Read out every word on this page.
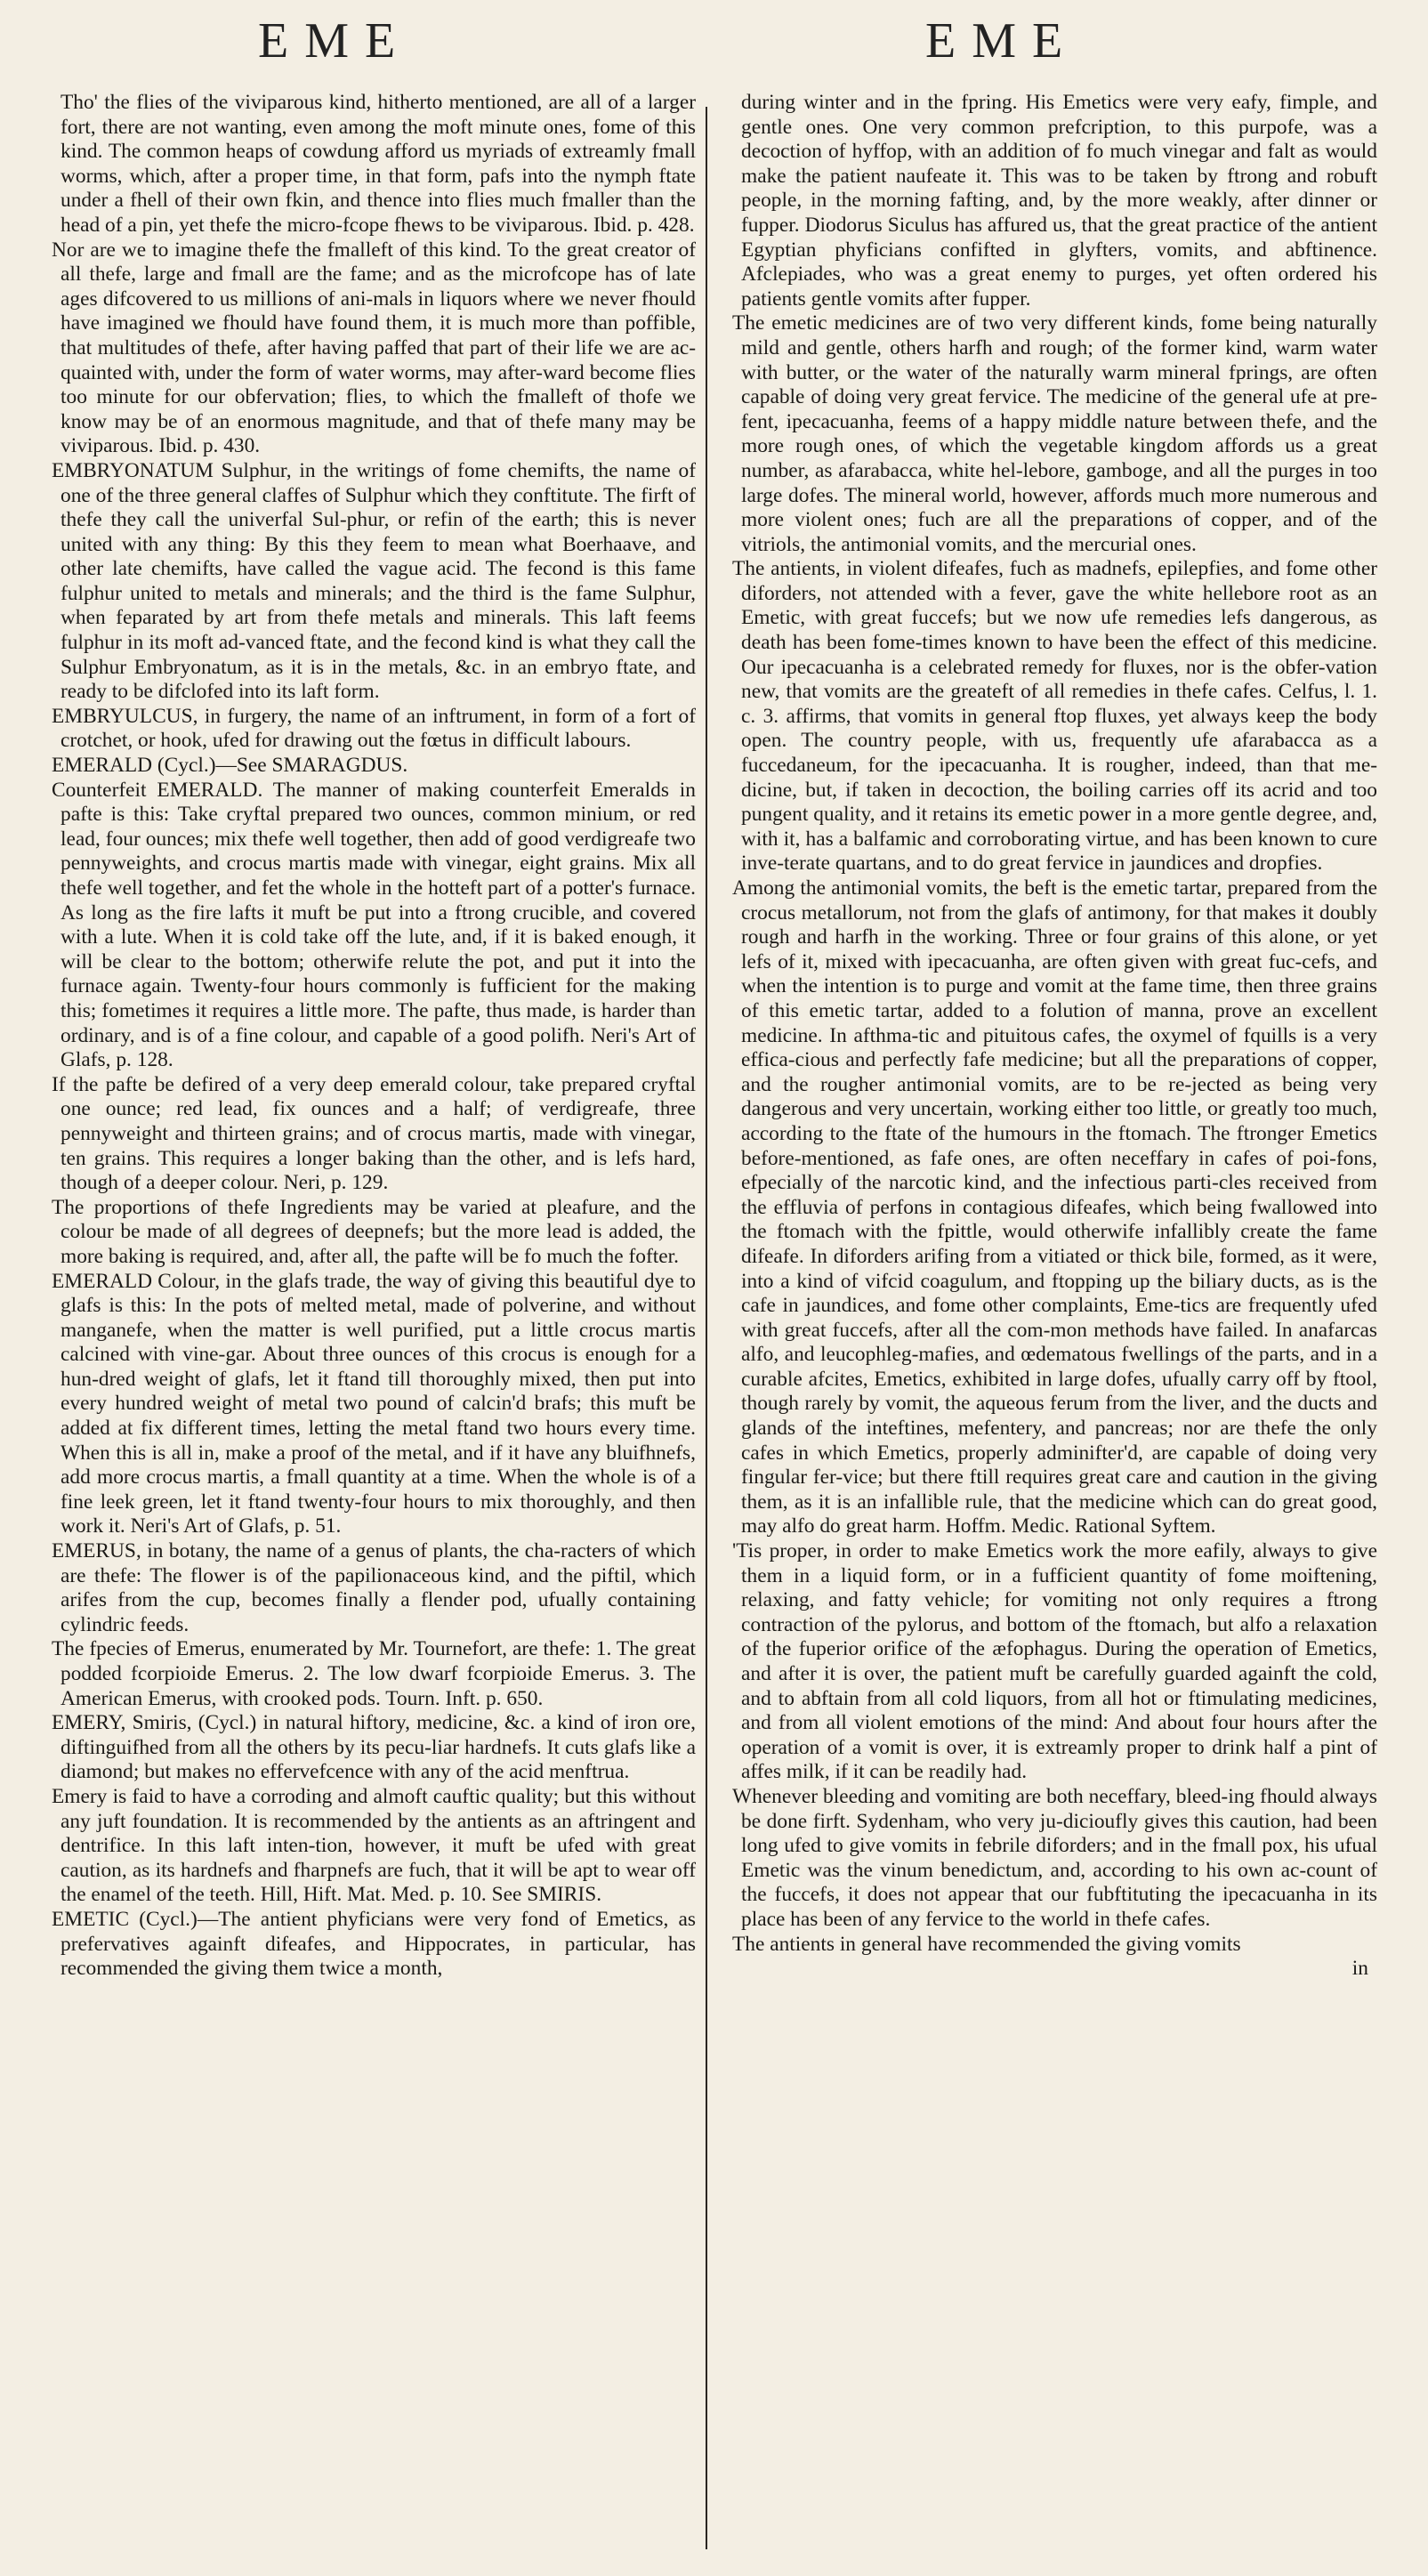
EME	EME

Tho' the flies of the viviparous kind, hitherto mentioned, are all of a larger fort, there are not wanting, even among the moft minute ones, fome of this kind. The common heaps of cowdung afford us myriads of extreamly fmall worms, which, after a proper time, in that form, pafs into the nymph ftate under a fhell of their own fkin, and thence into flies much fmaller than the head of a pin, yet thefe the micro-fcope fhews to be viviparous. Ibid. p. 428.

Nor are we to imagine thefe the fmalleft of this kind. To the great creator of all thefe, large and fmall are the fame; and as the microfcope has of late ages difcovered to us millions of ani-mals in liquors where we never fhould have imagined we fhould have found them, it is much more than poffible, that multitudes of thefe, after having paffed that part of their life we are ac-quainted with, under the form of water worms, may after-ward become flies too minute for our obfervation; flies, to which the fmalleft of thofe we know may be of an enormous magnitude, and that of thefe many may be viviparous. Ibid. p. 430.

EMBRYONATUM Sulphur, in the writings of fome chemifts, the name of one of the three general claffes of Sulphur which they conftitute. The firft of thefe they call the univerfal Sul-phur, or refin of the earth; this is never united with any thing: By this they feem to mean what Boerhaave, and other late chemifts, have called the vague acid. The fecond is this fame fulphur united to metals and minerals; and the third is the fame Sulphur, when feparated by art from thefe metals and minerals. This laft feems fulphur in its moft ad-vanced ftate, and the fecond kind is what they call the Sulphur Embryonatum, as it is in the metals, &c. in an embryo ftate, and ready to be difclofed into its laft form.

EMBRYULCUS, in furgery, the name of an inftrument, in form of a fort of crotchet, or hook, ufed for drawing out the fœtus in difficult labours.

EMERALD (Cycl.)—See SMARAGDUS.

Counterfeit EMERALD. The manner of making counterfeit Emeralds in pafte is this: Take cryftal prepared two ounces, common minium, or red lead, four ounces; mix thefe well together, then add of good verdigreafe two pennyweights, and crocus martis made with vinegar, eight grains. Mix all thefe well together, and fet the whole in the hotteft part of a potter's furnace. As long as the fire lafts it muft be put into a ftrong crucible, and covered with a lute. When it is cold take off the lute, and, if it is baked enough, it will be clear to the bottom; otherwife relute the pot, and put it into the furnace again. Twenty-four hours commonly is fufficient for the making this; fometimes it requires a little more. The pafte, thus made, is harder than ordinary, and is of a fine colour, and capable of a good polifh. Neri's Art of Glafs, p. 128.

If the pafte be defired of a very deep emerald colour, take prepared cryftal one ounce; red lead, fix ounces and a half; of verdigreafe, three pennyweight and thirteen grains; and of crocus martis, made with vinegar, ten grains. This requires a longer baking than the other, and is lefs hard, though of a deeper colour. Neri, p. 129.

The proportions of thefe Ingredients may be varied at pleafure, and the colour be made of all degrees of deepnefs; but the more lead is added, the more baking is required, and, after all, the pafte will be fo much the fofter.

EMERALD Colour, in the glafs trade, the way of giving this beautiful dye to glafs is this: In the pots of melted metal, made of polverine, and without manganefe, when the matter is well purified, put a little crocus martis calcined with vine-gar. About three ounces of this crocus is enough for a hun-dred weight of glafs, let it ftand till thoroughly mixed, then put into every hundred weight of metal two pound of calcin'd brafs; this muft be added at fix different times, letting the metal ftand two hours every time. When this is all in, make a proof of the metal, and if it have any bluifhnefs, add more crocus martis, a fmall quantity at a time. When the whole is of a fine leek green, let it ftand twenty-four hours to mix thoroughly, and then work it. Neri's Art of Glafs, p. 51.

EMERUS, in botany, the name of a genus of plants, the cha-racters of which are thefe: The flower is of the papilionaceous kind, and the piftil, which arifes from the cup, becomes finally a flender pod, ufually containing cylindric feeds.

The fpecies of Emerus, enumerated by Mr. Tournefort, are thefe: 1. The great podded fcorpioide Emerus. 2. The low dwarf fcorpioide Emerus. 3. The American Emerus, with crooked pods. Tourn. Inft. p. 650.

EMERY, Smiris, (Cycl.) in natural hiftory, medicine, &c. a kind of iron ore, diftinguifhed from all the others by its pecu-liar hardnefs. It cuts glafs like a diamond; but makes no effervefcence with any of the acid menftrua.

Emery is faid to have a corroding and almoft cauftic quality; but this without any juft foundation. It is recommended by the antients as an aftringent and dentrifice. In this laft inten-tion, however, it muft be ufed with great caution, as its hardnefs and fharpnefs are fuch, that it will be apt to wear off the enamel of the teeth. Hill, Hift. Mat. Med. p. 10. See SMIRIS.

EMETIC (Cycl.)—The antient phyficians were very fond of Emetics, as prefervatives againft difeafes, and Hippocrates, in particular, has recommended the giving them twice a month,

during winter and in the fpring. His Emetics were very eafy, fimple, and gentle ones. One very common prefcription, to this purpofe, was a decoction of hyffop, with an addition of fo much vinegar and falt as would make the patient naufeate it. This was to be taken by ftrong and robuft people, in the morning fafting, and, by the more weakly, after dinner or fupper. Diodorus Siculus has affured us, that the great practice of the antient Egyptian phyficians confifted in glyfters, vomits, and abftinence. Afclepiades, who was a great enemy to purges, yet often ordered his patients gentle vomits after fupper.

The emetic medicines are of two very different kinds, fome being naturally mild and gentle, others harfh and rough; of the former kind, warm water with butter, or the water of the naturally warm mineral fprings, are often capable of doing very great fervice. The medicine of the general ufe at pre-fent, ipecacuanha, feems of a happy middle nature between thefe, and the more rough ones, of which the vegetable kingdom affords us a great number, as afarabacca, white hel-lebore, gamboge, and all the purges in too large dofes. The mineral world, however, affords much more numerous and more violent ones; fuch are all the preparations of copper, and of the vitriols, the antimonial vomits, and the mercurial ones.

The antients, in violent difeafes, fuch as madnefs, epilepfies, and fome other diforders, not attended with a fever, gave the white hellebore root as an Emetic, with great fuccefs; but we now ufe remedies lefs dangerous, as death has been fome-times known to have been the effect of this medicine. Our ipecacuanha is a celebrated remedy for fluxes, nor is the obfer-vation new, that vomits are the greateft of all remedies in thefe cafes. Celfus, l. 1. c. 3. affirms, that vomits in general ftop fluxes, yet always keep the body open. The country people, with us, frequently ufe afarabacca as a fuccedaneum, for the ipecacuanha. It is rougher, indeed, than that me-dicine, but, if taken in decoction, the boiling carries off its acrid and too pungent quality, and it retains its emetic power in a more gentle degree, and, with it, has a balfamic and corroborating virtue, and has been known to cure inve-terate quartans, and to do great fervice in jaundices and dropfies.

Among the antimonial vomits, the beft is the emetic tartar, prepared from the crocus metallorum, not from the glafs of antimony, for that makes it doubly rough and harfh in the working. Three or four grains of this alone, or yet lefs of it, mixed with ipecacuanha, are often given with great fuc-cefs, and when the intention is to purge and vomit at the fame time, then three grains of this emetic tartar, added to a folution of manna, prove an excellent medicine. In afthma-tic and pituitous cafes, the oxymel of fquills is a very effica-cious and perfectly fafe medicine; but all the preparations of copper, and the rougher antimonial vomits, are to be re-jected as being very dangerous and very uncertain, working either too little, or greatly too much, according to the ftate of the humours in the ftomach. The ftronger Emetics before-mentioned, as fafe ones, are often neceffary in cafes of poi-fons, efpecially of the narcotic kind, and the infectious parti-cles received from the effluvia of perfons in contagious difeafes, which being fwallowed into the ftomach with the fpittle, would otherwife infallibly create the fame difeafe. In diforders arifing from a vitiated or thick bile, formed, as it were, into a kind of vifcid coagulum, and ftopping up the biliary ducts, as is the cafe in jaundices, and fome other complaints, Eme-tics are frequently ufed with great fuccefs, after all the com-mon methods have failed. In anafarcas alfo, and leucophleg-mafies, and œdematous fwellings of the parts, and in a curable afcites, Emetics, exhibited in large dofes, ufually carry off by ftool, though rarely by vomit, the aqueous ferum from the liver, and the ducts and glands of the inteftines, mefentery, and pancreas; nor are thefe the only cafes in which Emetics, properly adminifter'd, are capable of doing very fingular fer-vice; but there ftill requires great care and caution in the giving them, as it is an infallible rule, that the medicine which can do great good, may alfo do great harm. Hoffm. Medic. Rational Syftem.

'Tis proper, in order to make Emetics work the more eafily, always to give them in a liquid form, or in a fufficient quantity of fome moiftening, relaxing, and fatty vehicle; for vomiting not only requires a ftrong contraction of the pylorus, and bottom of the ftomach, but alfo a relaxation of the fuperior orifice of the æfophagus. During the operation of Emetics, and after it is over, the patient muft be carefully guarded againft the cold, and to abftain from all cold liquors, from all hot or ftimulating medicines, and from all violent emotions of the mind: And about four hours after the operation of a vomit is over, it is extreamly proper to drink half a pint of affes milk, if it can be readily had.

Whenever bleeding and vomiting are both neceffary, bleed-ing fhould always be done firft. Sydenham, who very ju-dicioufly gives this caution, had been long ufed to give vomits in febrile diforders; and in the fmall pox, his ufual Emetic was the vinum benedictum, and, according to his own ac-count of the fuccefs, it does not appear that our fubftituting the ipecacuanha in its place has been of any fervice to the world in thefe cafes.

The antients in general have recommended the giving vomits

in
